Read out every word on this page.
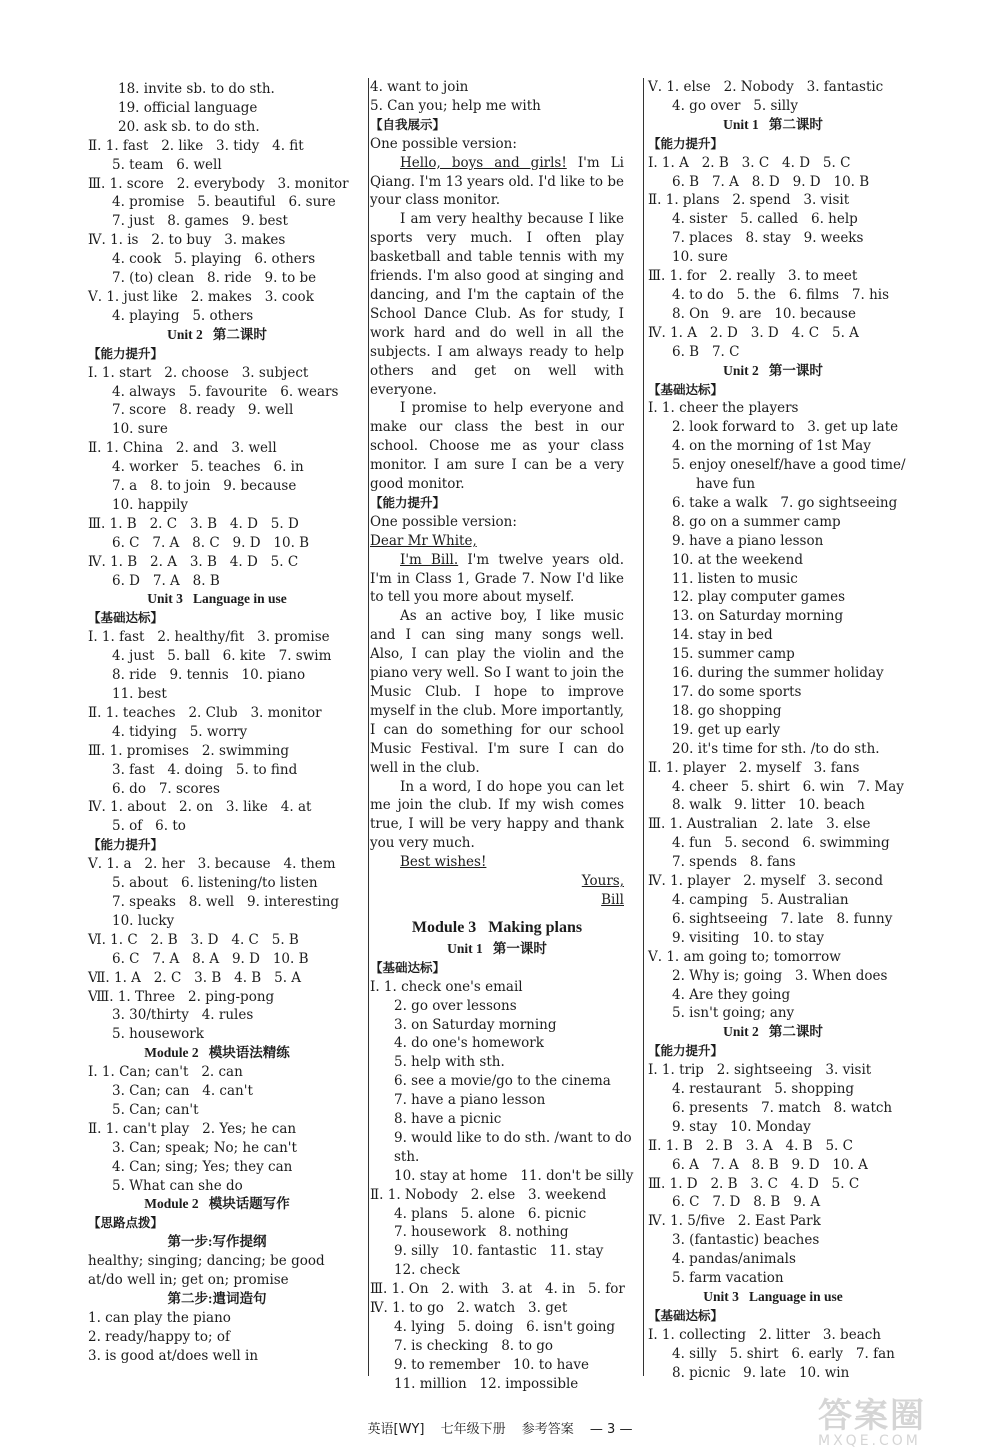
18. invite sb. to do sth.
19. official language
20. ask sb. to do sth.
Ⅱ. 1. fast   2. like   3. tidy   4. fit
5. team   6. well
Ⅲ. 1. score   2. everybody   3. monitor
4. promise   5. beautiful   6. sure
7. just   8. games   9. best
Ⅳ. 1. is   2. to buy   3. makes
4. cook   5. playing   6. others
7. (to) clean   8. ride   9. to be
Ⅴ. 1. just like   2. makes   3. cook
4. playing   5. others
Unit 2   第二课时
【能力提升】
Ⅰ. 1. start   2. choose   3. subject
4. always   5. favourite   6. wears
7. score   8. ready   9. well
10. sure
Ⅱ. 1. China   2. and   3. well
4. worker   5. teaches   6. in
7. a   8. to join   9. because
10. happily
Ⅲ. 1. B   2. C   3. B   4. D   5. D
6. C   7. A   8. C   9. D   10. B
Ⅳ. 1. B   2. A   3. B   4. D   5. C
6. D   7. A   8. B
Unit 3   Language in use
【基础达标】
Ⅰ. 1. fast   2. healthy/fit   3. promise
4. just   5. ball   6. kite   7. swim
8. ride   9. tennis   10. piano
11. best
Ⅱ. 1. teaches   2. Club   3. monitor
4. tidying   5. worry
Ⅲ. 1. promises   2. swimming
3. fast   4. doing   5. to find
6. do   7. scores
Ⅳ. 1. about   2. on   3. like   4. at
5. of   6. to
【能力提升】
Ⅴ. 1. a   2. her   3. because   4. them
5. about   6. listening/to listen
7. speaks   8. well   9. interesting
10. lucky
Ⅵ. 1. C   2. B   3. D   4. C   5. B
6. C   7. A   8. A   9. D   10. B
Ⅶ. 1. A   2. C   3. B   4. B   5. A
Ⅷ. 1. Three   2. ping-pong
3. 30/thirty   4. rules
5. housework
Module 2   模块语法精练
Ⅰ. 1. Can; can't   2. can
3. Can; can   4. can't
5. Can; can't
Ⅱ. 1. can't play   2. Yes; he can
3. Can; speak; No; he can't
4. Can; sing; Yes; they can
5. What can she do
Module 2   模块话题写作
【思路点拨】
第一步:写作提纲
healthy; singing; dancing; be good
at/do well in; get on; promise
第二步:遣词造句
1. can play the piano
2. ready/happy to; of
3. is good at/does well in
4. want to join
5. Can you; help me with
【自我展示】
One possible version:
Hello, boys and girls! I'm Li Qiang. I'm 13 years old. I'd like to be your class monitor.
I am very healthy because I like sports very much. I often play basketball and table tennis with my friends. I'm also good at singing and dancing, and I'm the captain of the School Dance Club. As for study, I work hard and do well in all the subjects. I am always ready to help others and get on well with everyone.
I promise to help everyone and make our class the best in our school. Choose me as your class monitor. I am sure I can be a very good monitor.
【能力提升】
One possible version:
Dear Mr White,
I'm Bill. I'm twelve years old. I'm in Class 1, Grade 7. Now I'd like to tell you more about myself.
As an active boy, I like music and I can sing many songs well. Also, I can play the violin and the piano very well. So I want to join the Music Club. I hope to improve myself in the club. More importantly, I can do something for our school Music Festival. I'm sure I can do well in the club.
In a word, I do hope you can let me join the club. If my wish comes true, I will be very happy and thank you very much.
Best wishes!
Yours,
Bill
Module 3   Making plans
Unit 1   第一课时
【基础达标】
Ⅰ. 1. check one's email
2. go over lessons
3. on Saturday morning
4. do one's homework
5. help with sth.
6. see a movie/go to the cinema
7. have a piano lesson
8. have a picnic
9. would like to do sth. /want to do
sth.
10. stay at home   11. don't be silly
Ⅱ. 1. Nobody   2. else   3. weekend
4. plans   5. alone   6. picnic
7. housework   8. nothing
9. silly   10. fantastic   11. stay
12. check
Ⅲ. 1. On   2. with   3. at   4. in   5. for
Ⅳ. 1. to go   2. watch   3. get
4. lying   5. doing   6. isn't going
7. is checking   8. to go
9. to remember   10. to have
11. million   12. impossible
Ⅴ. 1. else   2. Nobody   3. fantastic
4. go over   5. silly
Unit 1   第二课时
【能力提升】
Ⅰ. 1. A   2. B   3. C   4. D   5. C
6. B   7. A   8. D   9. D   10. B
Ⅱ. 1. plans   2. spend   3. visit
4. sister   5. called   6. help
7. places   8. stay   9. weeks
10. sure
Ⅲ. 1. for   2. really   3. to meet
4. to do   5. the   6. films   7. his
8. On   9. are   10. because
Ⅳ. 1. A   2. D   3. D   4. C   5. A
6. B   7. C
Unit 2   第一课时
【基础达标】
Ⅰ. 1. cheer the players
2. look forward to   3. get up late
4. on the morning of 1st May
5. enjoy oneself/have a good time/
have fun
6. take a walk   7. go sightseeing
8. go on a summer camp
9. have a piano lesson
10. at the weekend
11. listen to music
12. play computer games
13. on Saturday morning
14. stay in bed
15. summer camp
16. during the summer holiday
17. do some sports
18. go shopping
19. get up early
20. it's time for sth. /to do sth.
Ⅱ. 1. player   2. myself   3. fans
4. cheer   5. shirt   6. win   7. May
8. walk   9. litter   10. beach
Ⅲ. 1. Australian   2. late   3. else
4. fun   5. second   6. swimming
7. spends   8. fans
Ⅳ. 1. player   2. myself   3. second
4. camping   5. Australian
6. sightseeing   7. late   8. funny
9. visiting   10. to stay
Ⅴ. 1. am going to; tomorrow
2. Why is; going   3. When does
4. Are they going
5. isn't going; any
Unit 2   第二课时
【能力提升】
Ⅰ. 1. trip   2. sightseeing   3. visit
4. restaurant   5. shopping
6. presents   7. match   8. watch
9. stay   10. Monday
Ⅱ. 1. B   2. B   3. A   4. B   5. C
6. A   7. A   8. B   9. D   10. A
Ⅲ. 1. D   2. B   3. C   4. D   5. C
6. C   7. D   8. B   9. A
Ⅳ. 1. 5/five   2. East Park
3. (fantastic) beaches
4. pandas/animals
5. farm vacation
Unit 3   Language in use
【基础达标】
Ⅰ. 1. collecting   2. litter   3. beach
4. silly   5. shirt   6. early   7. fan
8. picnic   9. late   10. win
英语[WY] 七年级下册 参考答案 — 3 —	答案圈
MXQE.COM
